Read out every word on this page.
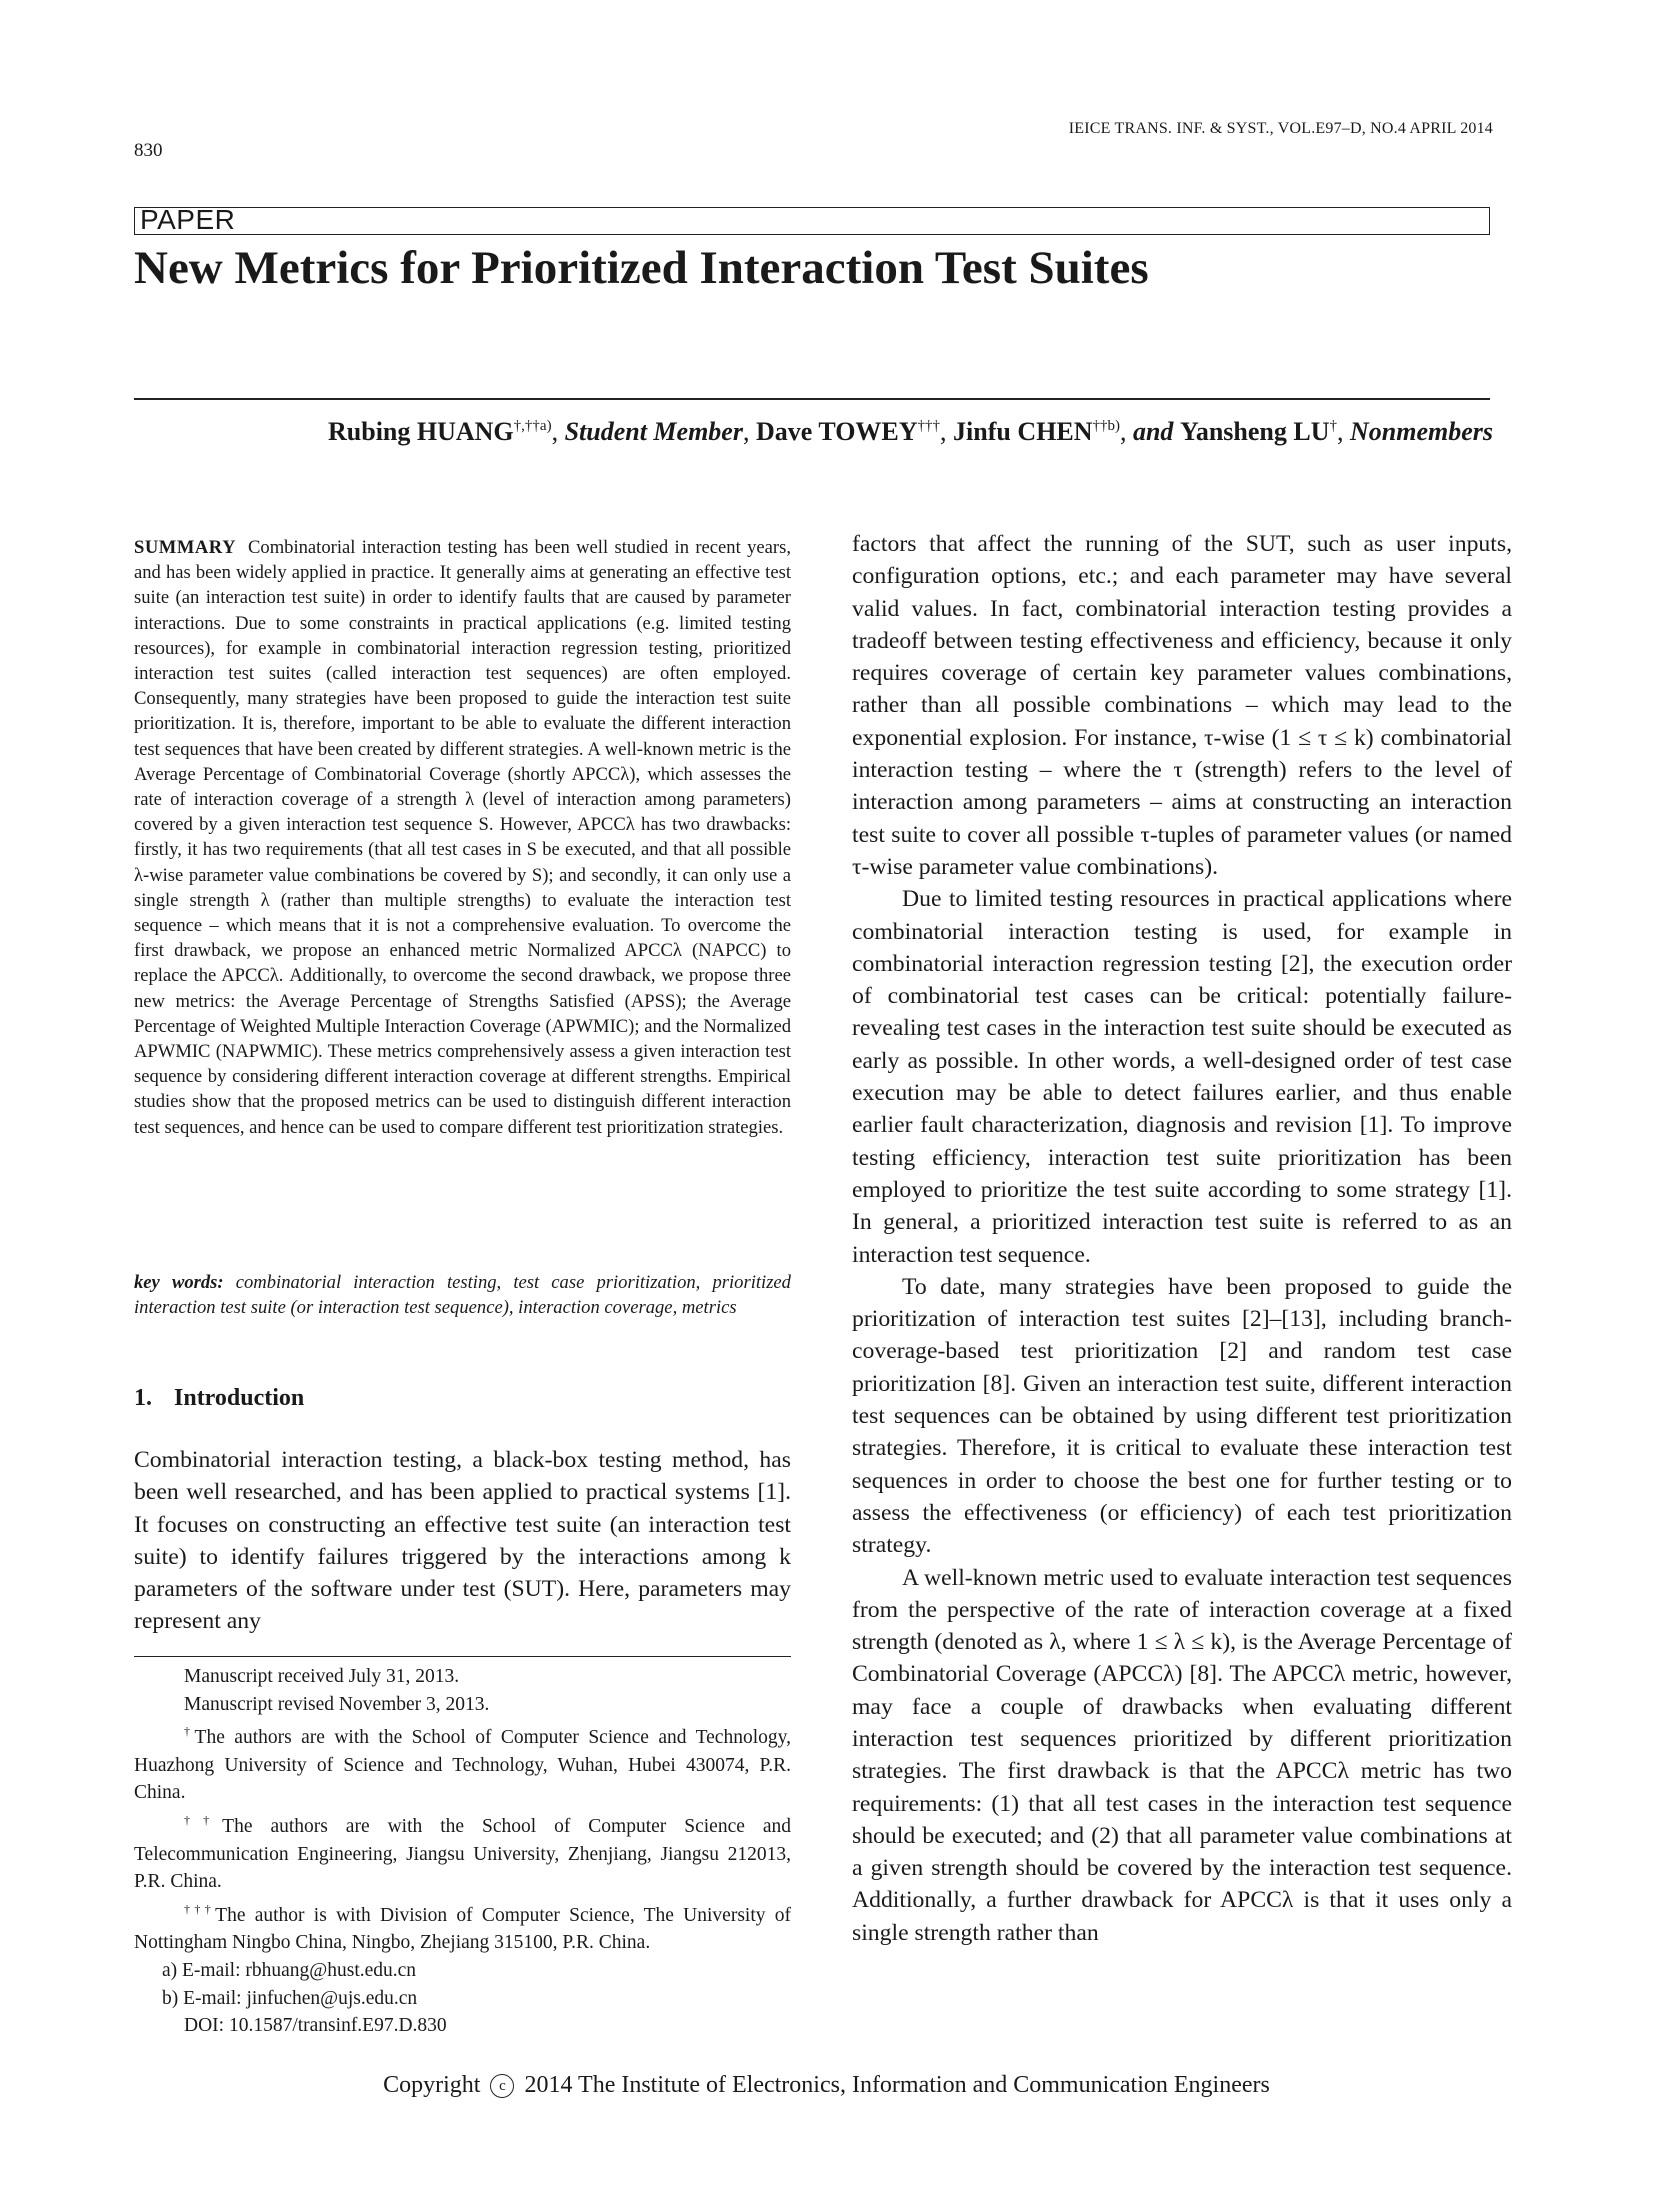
830
IEICE TRANS. INF. & SYST., VOL.E97–D, NO.4 APRIL 2014
PAPER
New Metrics for Prioritized Interaction Test Suites
Rubing $HUANG^{\dagger,\dagger\dagger a)}$, Student Member, Dave TOWEY†††, Jinfu CHEN$^{\dagger\dagger b)}$, and Yansheng LU†, Nonmembers
SUMMARY Combinatorial interaction testing has been well studied in recent years, and has been widely applied in practice. It generally aims at generating an effective test suite (an interaction test suite) in order to identify faults that are caused by parameter interactions. Due to some constraints in practical applications (e.g. limited testing resources), for example in combinatorial interaction regression testing, prioritized interaction test suites (called interaction test sequences) are often employed. Consequently, many strategies have been proposed to guide the interaction test suite prioritization. It is, therefore, important to be able to evaluate the different interaction test sequences that have been created by different strategies. A well-known metric is the Average Percentage of Combinatorial Coverage (shortly APCCλ), which assesses the rate of interaction coverage of a strength λ (level of interaction among parameters) covered by a given interaction test sequence S. However, APCCλ has two drawbacks: firstly, it has two requirements (that all test cases in S be executed, and that all possible λ-wise parameter value combinations be covered by S); and secondly, it can only use a single strength λ (rather than multiple strengths) to evaluate the interaction test sequence – which means that it is not a comprehensive evaluation. To overcome the first drawback, we propose an enhanced metric Normalized APCCλ (NAPCC) to replace the APCCλ. Additionally, to overcome the second drawback, we propose three new metrics: the Average Percentage of Strengths Satisfied (APSS); the Average Percentage of Weighted Multiple Interaction Coverage (APWMIC); and the Normalized APWMIC (NAPWMIC). These metrics comprehensively assess a given interaction test sequence by considering different interaction coverage at different strengths. Empirical studies show that the proposed metrics can be used to distinguish different interaction test sequences, and hence can be used to compare different test prioritization strategies.
key words: combinatorial interaction testing, test case prioritization, prioritized interaction test suite (or interaction test sequence), interaction coverage, metrics
1. Introduction
Combinatorial interaction testing, a black-box testing method, has been well researched, and has been applied to practical systems [1]. It focuses on constructing an effective test suite (an interaction test suite) to identify failures triggered by the interactions among k parameters of the software under test (SUT). Here, parameters may represent any

Manuscript received July 31, 2013.

Manuscript revised November 3, 2013.

†The authors are with the School of Computer Science and Technology, Huazhong University of Science and Technology, Wuhan, Hubei 430074, P.R. China.

††The authors are with the School of Computer Science and Telecommunication Engineering, Jiangsu University, Zhenjiang, Jiangsu 212013, P.R. China.

†††The author is with Division of Computer Science, The University of Nottingham Ningbo China, Ningbo, Zhejiang 315100, P.R. China.

a) E-mail: rbhuang@hust.edu.cn

b) E-mail: jinfuchen@ujs.edu.cn

DOI: 10.1587/transinf.E97.D.830

factors that affect the running of the SUT, such as user inputs, configuration options, etc.; and each parameter may have several valid values. In fact, combinatorial interaction testing provides a tradeoff between testing effectiveness and efficiency, because it only requires coverage of certain key parameter values combinations, rather than all possible combinations – which may lead to the exponential explosion. For instance, τ-wise (1 ≤ τ ≤ k) combinatorial interaction testing – where the τ (strength) refers to the level of interaction among parameters – aims at constructing an interaction test suite to cover all possible τ-tuples of parameter values (or named τ-wise parameter value combinations).

Due to limited testing resources in practical applications where combinatorial interaction testing is used, for example in combinatorial interaction regression testing [2], the execution order of combinatorial test cases can be critical: potentially failure-revealing test cases in the interaction test suite should be executed as early as possible. In other words, a well-designed order of test case execution may be able to detect failures earlier, and thus enable earlier fault characterization, diagnosis and revision [1]. To improve testing efficiency, interaction test suite prioritization has been employed to prioritize the test suite according to some strategy [1]. In general, a prioritized interaction test suite is referred to as an interaction test sequence.

To date, many strategies have been proposed to guide the prioritization of interaction test suites [2]–[13], including branch-coverage-based test prioritization [2] and random test case prioritization [8]. Given an interaction test suite, different interaction test sequences can be obtained by using different test prioritization strategies. Therefore, it is critical to evaluate these interaction test sequences in order to choose the best one for further testing or to assess the effectiveness (or efficiency) of each test prioritization strategy.

A well-known metric used to evaluate interaction test sequences from the perspective of the rate of interaction coverage at a fixed strength (denoted as λ, where 1 ≤ λ ≤ k), is the Average Percentage of Combinatorial Coverage (APCCλ) [8]. The APCCλ metric, however, may face a couple of drawbacks when evaluating different interaction test sequences prioritized by different prioritization strategies. The first drawback is that the APCCλ metric has two requirements: (1) that all test cases in the interaction test sequence should be executed; and (2) that all parameter value combinations at a given strength should be covered by the interaction test sequence. Additionally, a further drawback for APCCλ is that it uses only a single strength rather than

Copyright c 2014 The Institute of Electronics, Information and Communication Engineers
